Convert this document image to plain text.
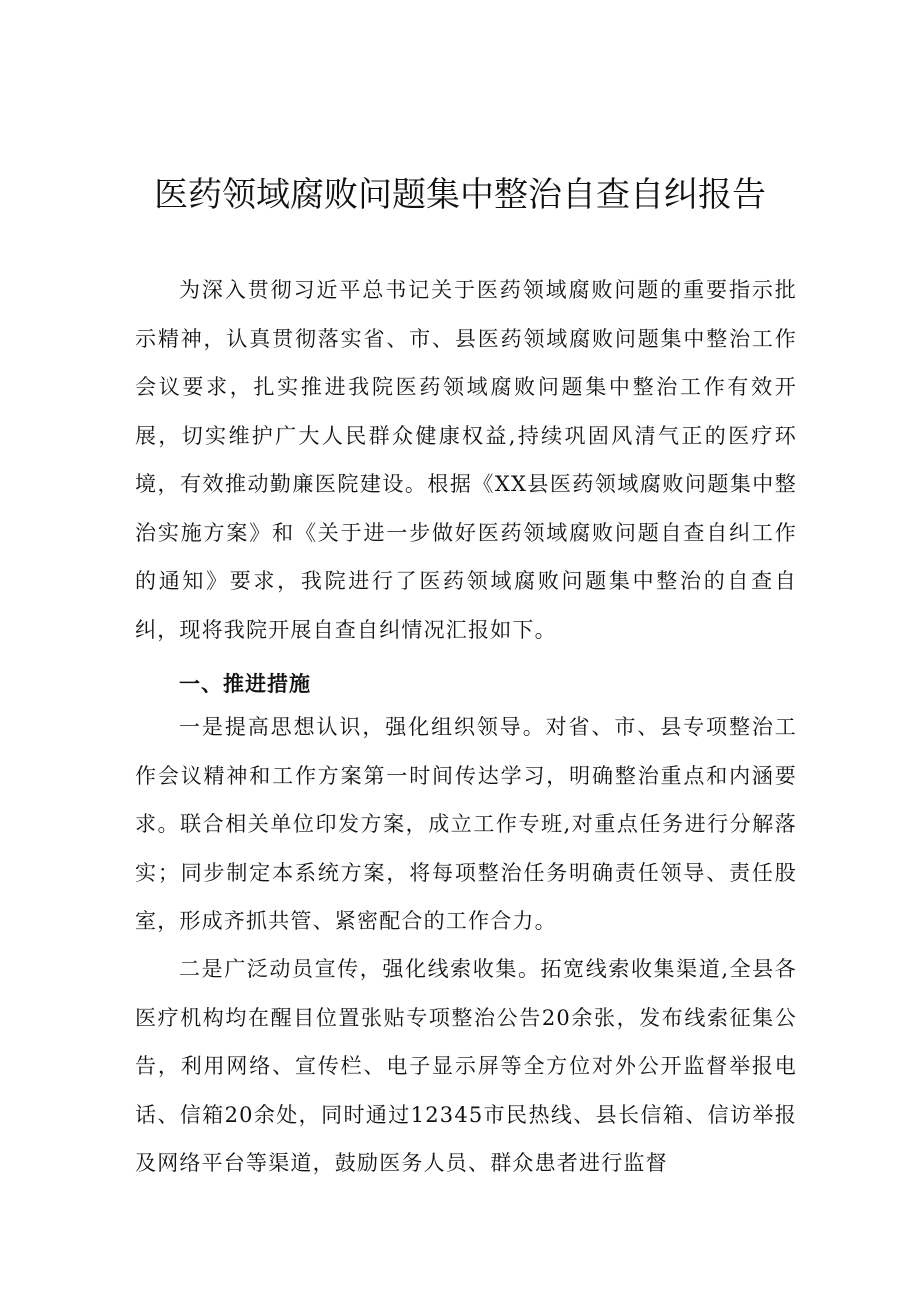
医药领域腐败问题集中整治自查自纠报告

为深入贯彻习近平总书记关于医药领域腐败问题的重要指示批示精神，认真贯彻落实省、市、县医药领域腐败问题集中整治工作会议要求，扎实推进我院医药领域腐败问题集中整治工作有效开展，切实维护广大人民群众健康权益,持续巩固风清气正的医疗环境，有效推动勤廉医院建设。根据《XX县医药领域腐败问题集中整治实施方案》和《关于进一步做好医药领域腐败问题自查自纠工作的通知》要求，我院进行了医药领域腐败问题集中整治的自查自纠，现将我院开展自查自纠情况汇报如下。

一、推进措施

一是提高思想认识，强化组织领导。对省、市、县专项整治工作会议精神和工作方案第一时间传达学习，明确整治重点和内涵要求。联合相关单位印发方案，成立工作专班,对重点任务进行分解落实；同步制定本系统方案，将每项整治任务明确责任领导、责任股室，形成齐抓共管、紧密配合的工作合力。

二是广泛动员宣传，强化线索收集。拓宽线索收集渠道,全县各医疗机构均在醒目位置张贴专项整治公告20余张，发布线索征集公告，利用网络、宣传栏、电子显示屏等全方位对外公开监督举报电话、信箱20余处，同时通过12345市民热线、县长信箱、信访举报及网络平台等渠道，鼓励医务人员、群众患者进行监督
